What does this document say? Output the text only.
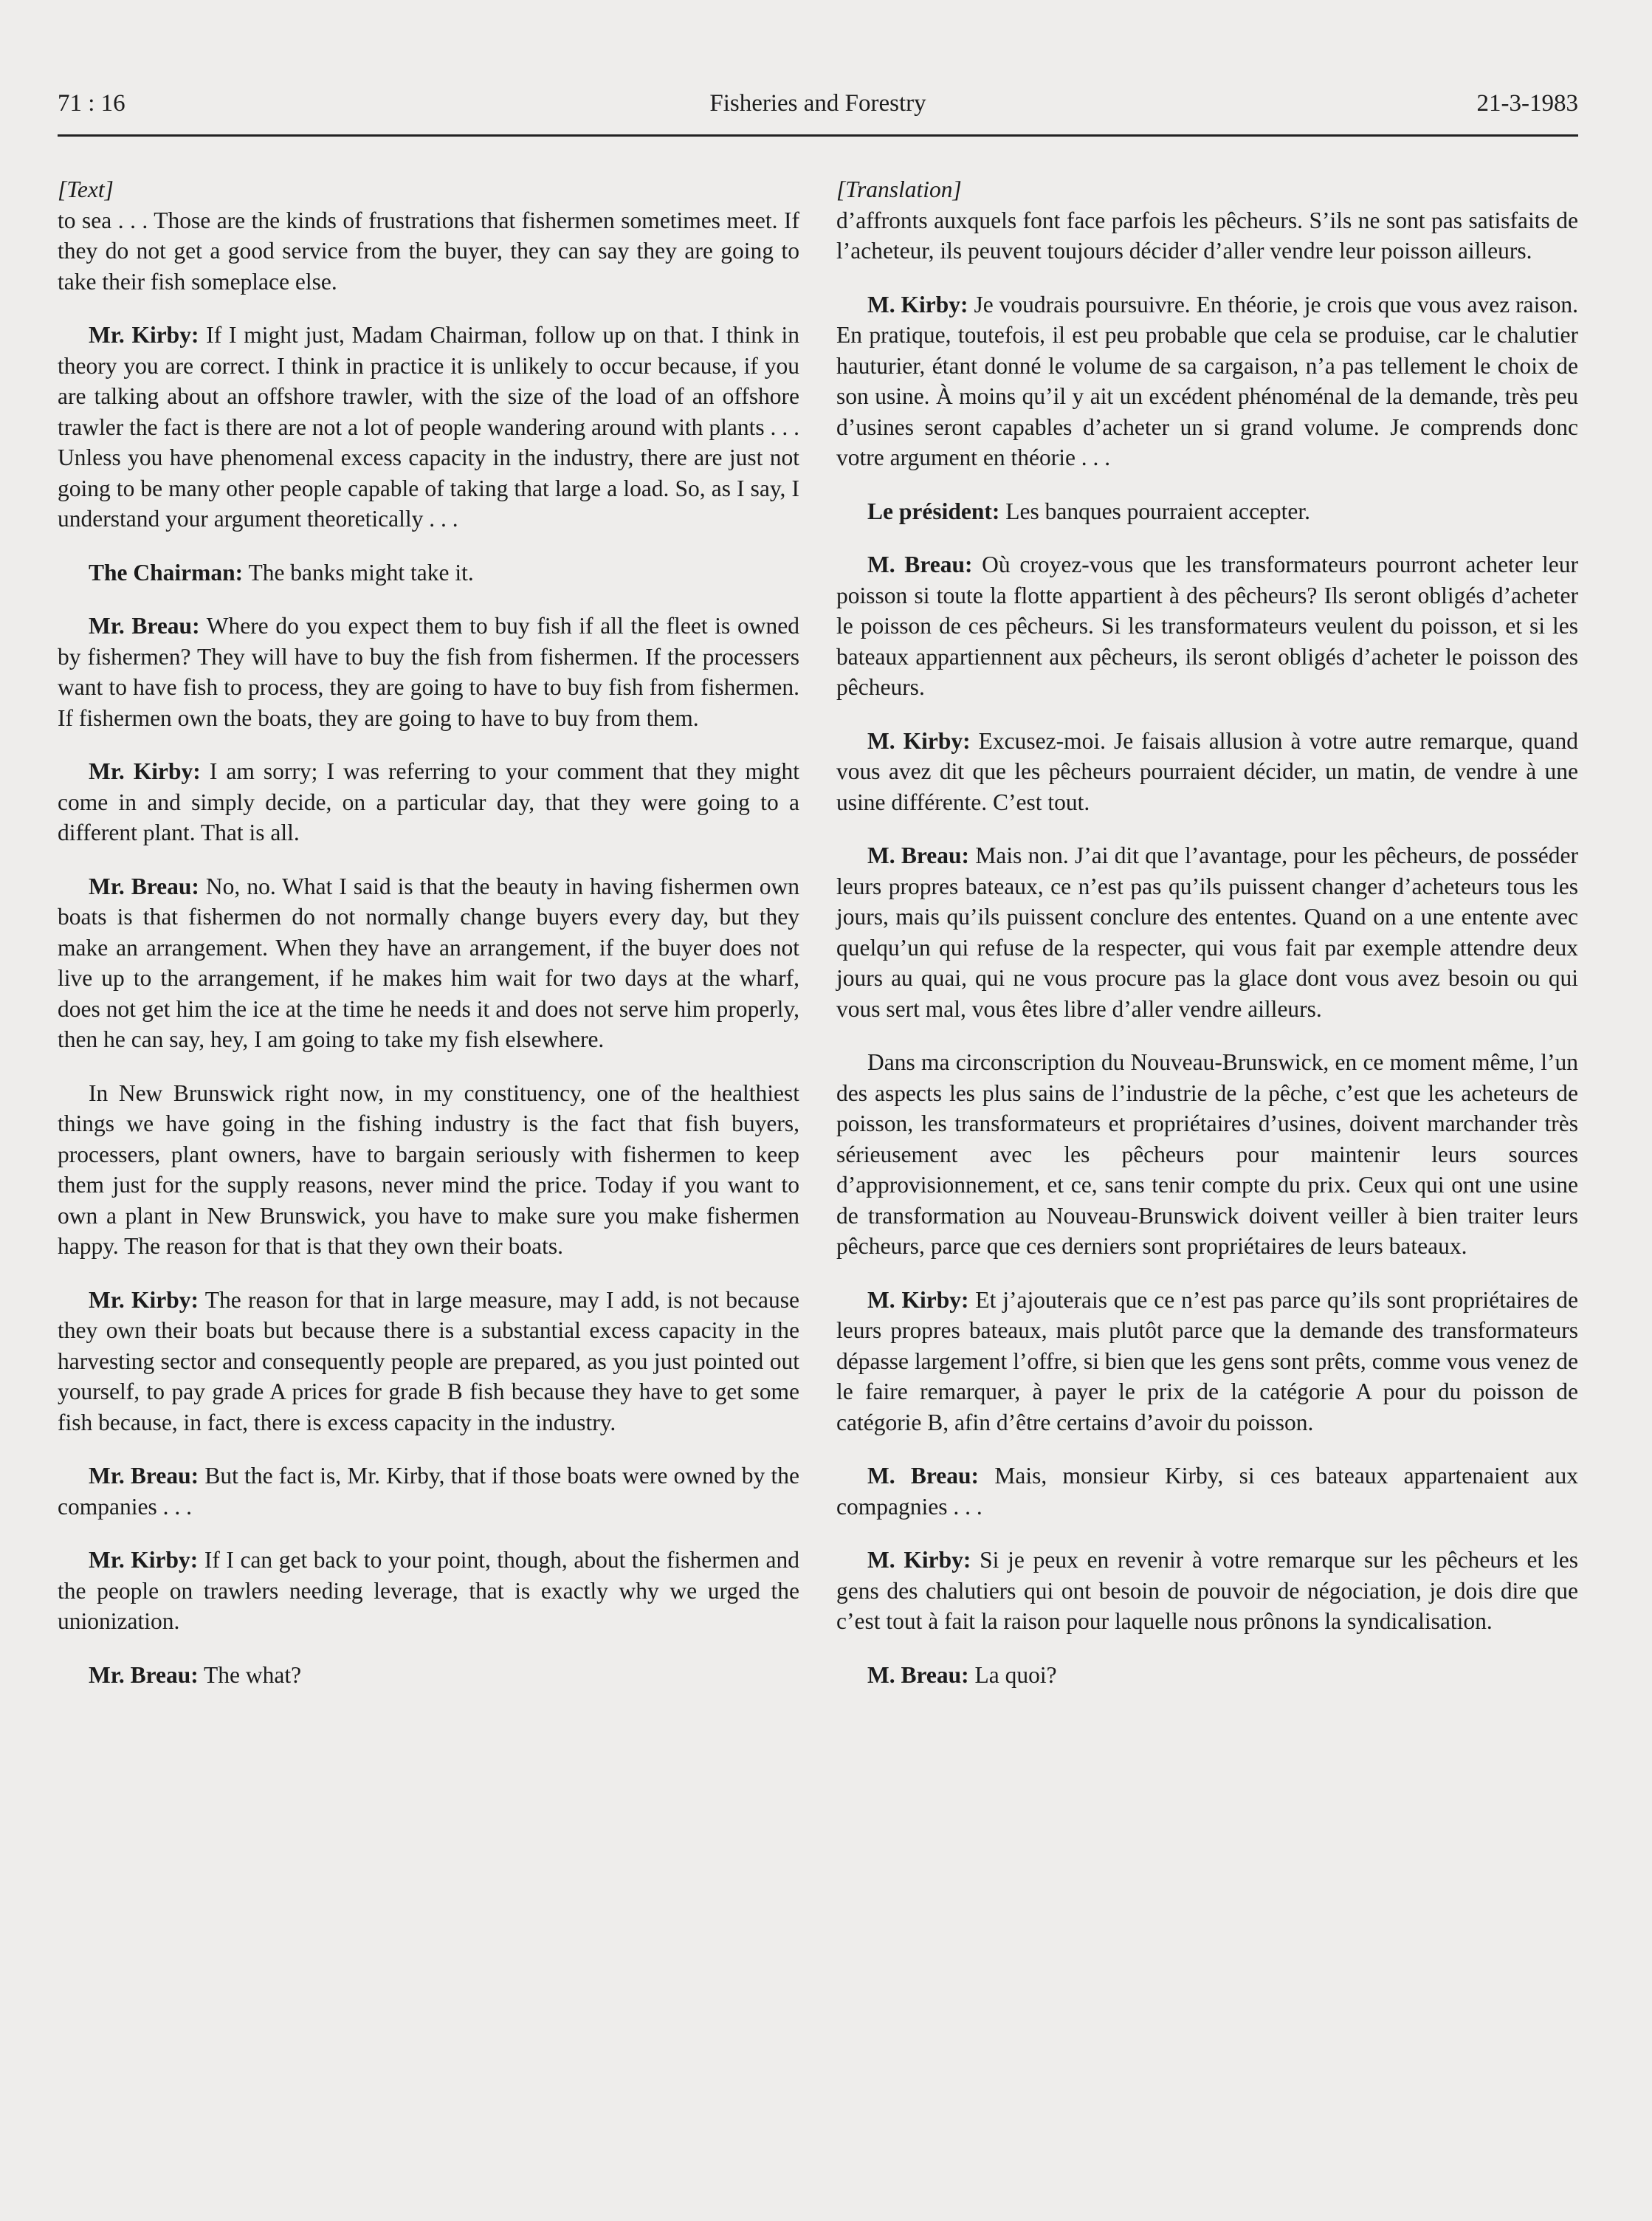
71 : 16	Fisheries and Forestry	21-3-1983
[Text]

to sea . . . Those are the kinds of frustrations that fishermen sometimes meet. If they do not get a good service from the buyer, they can say they are going to take their fish someplace else.

Mr. Kirby: If I might just, Madam Chairman, follow up on that. I think in theory you are correct. I think in practice it is unlikely to occur because, if you are talking about an offshore trawler, with the size of the load of an offshore trawler the fact is there are not a lot of people wandering around with plants . . . Unless you have phenomenal excess capacity in the industry, there are just not going to be many other people capable of taking that large a load. So, as I say, I understand your argument theoretically . . .

The Chairman: The banks might take it.

Mr. Breau: Where do you expect them to buy fish if all the fleet is owned by fishermen? They will have to buy the fish from fishermen. If the processers want to have fish to process, they are going to have to buy fish from fishermen. If fishermen own the boats, they are going to have to buy from them.

Mr. Kirby: I am sorry; I was referring to your comment that they might come in and simply decide, on a particular day, that they were going to a different plant. That is all.

Mr. Breau: No, no. What I said is that the beauty in having fishermen own boats is that fishermen do not normally change buyers every day, but they make an arrangement. When they have an arrangement, if the buyer does not live up to the arrangement, if he makes him wait for two days at the wharf, does not get him the ice at the time he needs it and does not serve him properly, then he can say, hey, I am going to take my fish elsewhere.

In New Brunswick right now, in my constituency, one of the healthiest things we have going in the fishing industry is the fact that fish buyers, processers, plant owners, have to bargain seriously with fishermen to keep them just for the supply reasons, never mind the price. Today if you want to own a plant in New Brunswick, you have to make sure you make fishermen happy. The reason for that is that they own their boats.

Mr. Kirby: The reason for that in large measure, may I add, is not because they own their boats but because there is a substantial excess capacity in the harvesting sector and consequently people are prepared, as you just pointed out yourself, to pay grade A prices for grade B fish because they have to get some fish because, in fact, there is excess capacity in the industry.

Mr. Breau: But the fact is, Mr. Kirby, that if those boats were owned by the companies . . .

Mr. Kirby: If I can get back to your point, though, about the fishermen and the people on trawlers needing leverage, that is exactly why we urged the unionization.

Mr. Breau: The what?

[Translation]

d’affronts auxquels font face parfois les pêcheurs. S’ils ne sont pas satisfaits de l’acheteur, ils peuvent toujours décider d’aller vendre leur poisson ailleurs.

M. Kirby: Je voudrais poursuivre. En théorie, je crois que vous avez raison. En pratique, toutefois, il est peu probable que cela se produise, car le chalutier hauturier, étant donné le volume de sa cargaison, n’a pas tellement le choix de son usine. À moins qu’il y ait un excédent phénoménal de la demande, très peu d’usines seront capables d’acheter un si grand volume. Je comprends donc votre argument en théorie . . .

Le président: Les banques pourraient accepter.

M. Breau: Où croyez-vous que les transformateurs pourront acheter leur poisson si toute la flotte appartient à des pêcheurs? Ils seront obligés d’acheter le poisson de ces pêcheurs. Si les transformateurs veulent du poisson, et si les bateaux appartiennent aux pêcheurs, ils seront obligés d’acheter le poisson des pêcheurs.

M. Kirby: Excusez-moi. Je faisais allusion à votre autre remarque, quand vous avez dit que les pêcheurs pourraient décider, un matin, de vendre à une usine différente. C’est tout.

M. Breau: Mais non. J’ai dit que l’avantage, pour les pêcheurs, de posséder leurs propres bateaux, ce n’est pas qu’ils puissent changer d’acheteurs tous les jours, mais qu’ils puissent conclure des ententes. Quand on a une entente avec quelqu’un qui refuse de la respecter, qui vous fait par exemple attendre deux jours au quai, qui ne vous procure pas la glace dont vous avez besoin ou qui vous sert mal, vous êtes libre d’aller vendre ailleurs.

Dans ma circonscription du Nouveau-Brunswick, en ce moment même, l’un des aspects les plus sains de l’industrie de la pêche, c’est que les acheteurs de poisson, les transformateurs et propriétaires d’usines, doivent marchander très sérieusement avec les pêcheurs pour maintenir leurs sources d’approvisionnement, et ce, sans tenir compte du prix. Ceux qui ont une usine de transformation au Nouveau-Brunswick doivent veiller à bien traiter leurs pêcheurs, parce que ces derniers sont propriétaires de leurs bateaux.

M. Kirby: Et j’ajouterais que ce n’est pas parce qu’ils sont propriétaires de leurs propres bateaux, mais plutôt parce que la demande des transformateurs dépasse largement l’offre, si bien que les gens sont prêts, comme vous venez de le faire remarquer, à payer le prix de la catégorie A pour du poisson de catégorie B, afin d’être certains d’avoir du poisson.

M. Breau: Mais, monsieur Kirby, si ces bateaux appartenaient aux compagnies . . .

M. Kirby: Si je peux en revenir à votre remarque sur les pêcheurs et les gens des chalutiers qui ont besoin de pouvoir de négociation, je dois dire que c’est tout à fait la raison pour laquelle nous prônons la syndicalisation.

M. Breau: La quoi?
